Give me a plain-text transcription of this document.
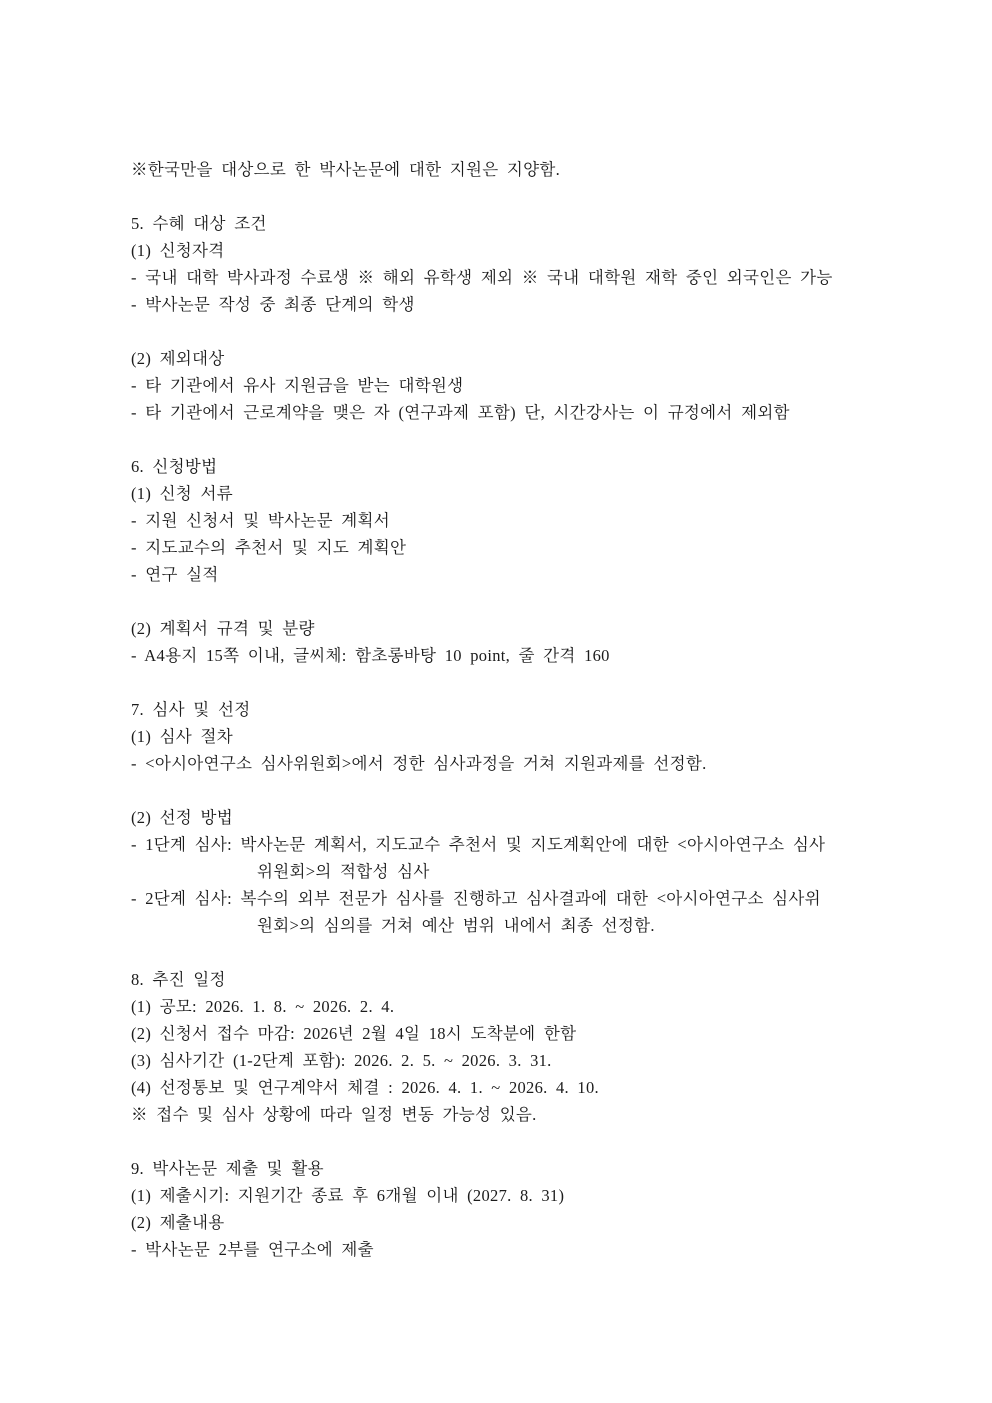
※한국만을 대상으로 한 박사논문에 대한 지원은 지양함.
5. 수혜 대상 조건
(1) 신청자격
- 국내 대학 박사과정 수료생 ※ 해외 유학생 제외 ※ 국내 대학원 재학 중인 외국인은 가능
- 박사논문 작성 중 최종 단계의 학생
(2) 제외대상
- 타 기관에서 유사 지원금을 받는 대학원생
- 타 기관에서 근로계약을 맺은 자 (연구과제 포함) 단, 시간강사는 이 규정에서 제외함
6. 신청방법
(1) 신청 서류
- 지원 신청서 및 박사논문 계획서
- 지도교수의 추천서 및 지도 계획안
- 연구 실적
(2) 계획서 규격 및 분량
- A4용지 15쪽 이내, 글씨체: 함초롱바탕 10 point, 줄 간격 160
7. 심사 및 선정
(1) 심사 절차
- <아시아연구소 심사위원회>에서 정한 심사과정을 거쳐 지원과제를 선정함.
(2) 선정 방법
- 1단계 심사: 박사논문 계획서, 지도교수 추천서 및 지도계획안에 대한 <아시아연구소 심사
위원회>의 적합성 심사
- 2단계 심사: 복수의 외부 전문가 심사를 진행하고 심사결과에 대한 <아시아연구소 심사위
원회>의 심의를 거쳐 예산 범위 내에서 최종 선정함.
8. 추진 일정
(1) 공모: 2026. 1. 8. ~ 2026. 2. 4.
(2) 신청서 접수 마감: 2026년 2월 4일 18시 도착분에 한함
(3) 심사기간 (1-2단계 포함): 2026. 2. 5. ~ 2026. 3. 31.
(4) 선정통보 및 연구계약서 체결 : 2026. 4. 1. ~ 2026. 4. 10.
※ 접수 및 심사 상황에 따라 일정 변동 가능성 있음.
9. 박사논문 제출 및 활용
(1) 제출시기: 지원기간 종료 후 6개월 이내 (2027. 8. 31)
(2) 제출내용
- 박사논문 2부를 연구소에 제출
